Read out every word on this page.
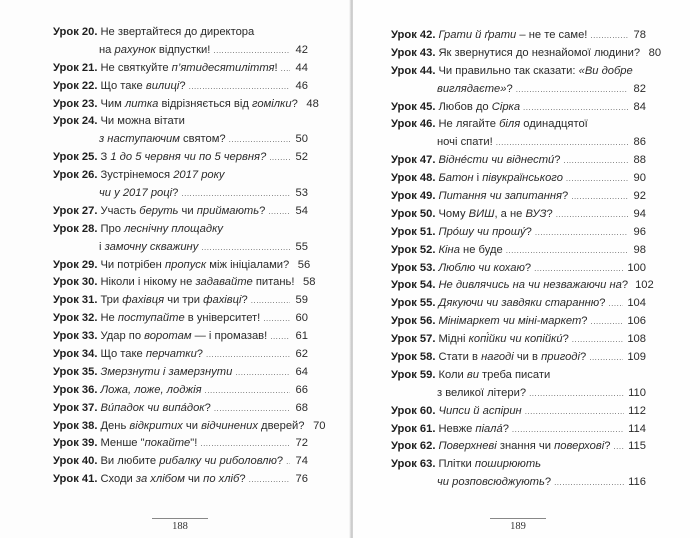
Урок 20. Не звертайтеся до директора
на рахунок відпустки! .....	42
Урок 21. Не святкуйте п’ятидесятиліття! ..... 44
Урок 22. Що таке вилиці? .....	46
Урок 23. Чим литка відрізняється від гомілки? 48
Урок 24. Чи можна вітати
з наступаючим святом? .....	50
Урок 25. З 1 до 5 червня чи по 5 червня? .....	52
Урок 26. Зустрінемося 2017 року
чи у 2017 році? .....	53
Урок 27. Участь беруть чи приймають? .....	54
Урок 28. Про леснічну площадку
і замочну скважину .....	55
Урок 29. Чи потрібен пропуск між ініціалами? 56
Урок 30. Ніколи і нікому не задавайте питань! 58
Урок 31. Три фахівця чи три фахівці? .....	59
Урок 32. Не поступайте в університет! .....	60
Урок 33. Удар по воротам — і промазав! .....	61
Урок 34. Що таке перчатки? .....	62
Урок 35. Змерзнути і замерзнути .....	64
Урок 36. Ложа, ложе, лоджія .....	66
Урок 37. Ви́падок чи випа́док? .....	68
Урок 38. День відкритих чи відчинених дверей? 70
Урок 39. Менше "покайте"! .....	72
Урок 40. Ви любите рибалку чи риболовлю? ..... 74
Урок 41. Сходи за хлібом чи по хліб? .....	76
188
Урок 42. Грати й ґрати – не те саме! .....	78
Урок 43. Як звернутися до незнайомої людини? 80
Урок 44. Чи правильно так сказати: «Ви добре
виглядаєте»? .....	82
Урок 45. Любов до Сірка .....	84
Урок 46. Не лягайте біля одинадцятої
ночі спати! .....	86
Урок 47. Відне́сти чи віднести́? .....	88
Урок 48. Батон і півукраїнського .....	90
Урок 49. Питання чи запитання? .....	92
Урок 50. Чому ВИШ, а не ВУЗ? .....	94
Урок 51. Про́шу чи прошу́? .....	96
Урок 52. Кіна не буде .....	98
Урок 53. Люблю чи кохаю? .....	100
Урок 54. Не дивлячись на чи незважаючи на? 102
Урок 55. Дякуючи чи завдяки старанню? ..... 104
Урок 56. Мінімаркет чи міні-маркет? .....	106
Урок 57. Мідні копі́йки чи копійки́? .....	108
Урок 58. Стати в нагоді чи в пригоді? .....	109
Урок 59. Коли ви треба писати
з великої літери? .....	110
Урок 60. Чипси й аспірин .....	112
Урок 61. Невже піала́? .....	114
Урок 62. Поверхневі знання чи поверхові? ..... 115
Урок 63. Плітки поширюють
чи розповсюджують? .....	116
189
